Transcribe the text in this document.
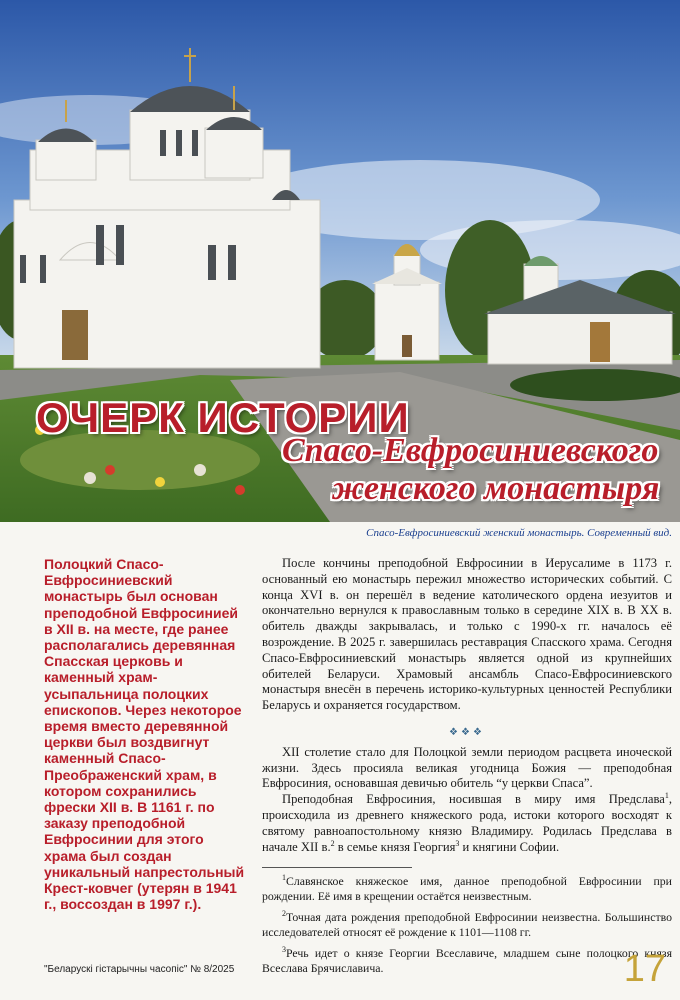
ОЧЕРК ИСТОРИИ
Спасо-Евфросиниевского
женского монастыря
Спасо-Евфросиниевский женский монастырь. Современный вид.
Полоцкий Спасо-Евфросиниевский монастырь был основан преподобной Евфросинией в XII в. на месте, где ранее располагались деревянная Спасская церковь и каменный храм-усыпальница полоцких епископов. Через некоторое время вместо деревянной церкви был воздвигнут каменный Спасо-Преображенский храм, в котором сохранились фрески XII в. В 1161 г. по заказу преподобной Евфросинии для этого храма был создан уникальный напрестольный Крест-ковчег (утерян в 1941 г., воссоздан в 1997 г.).

После кончины преподобной Евфросинии в Иерусалиме в 1173 г. основанный ею монастырь пережил множество исторических событий. С конца XVI в. он перешёл в ведение католического ордена иезуитов и окончательно вернулся к православным только в середине XIX в. В XX в. обитель дважды закрывалась, и только с 1990-х гг. началось её возрождение. В 2025 г. завершилась реставрация Спасского храма. Сегодня Спасо-Евфросиниевский монастырь является одной из крупнейших обителей Беларуси. Храмовый ансамбль Спасо-Евфросиниевского монастыря внесён в перечень историко-культурных ценностей Республики Беларусь и охраняется государством.

❖❖❖

XII столетие стало для Полоцкой земли периодом расцвета иноческой жизни. Здесь просияла великая угодница Божия — преподобная Евфросиния, основавшая девичью обитель “у церкви Спаса”.

Преподобная Евфросиния, носившая в миру имя Предслава$^1$, происходила из древнего княжеского рода, истоки которого восходят к святому равноапостольному князю Владимиру. Родилась Предслава в начале XII в.$^2$ в семье князя Георгия$^3$ и княгини Софии.

$^1$Славянское княжеское имя, данное преподобной Евфросинии при рождении. Её имя в крещении остаётся неизвестным.
$^2$Точная дата рождения преподобной Евфросинии неизвестна. Большинство исследователей относят её рождение к 1101—1108 гг.
$^3$Речь идет о князе Георгии Всеславиче, младшем сыне полоцкого князя Всеслава Брячиславича.
"Беларускі гістарычны часопіс" № 8/2025	17
